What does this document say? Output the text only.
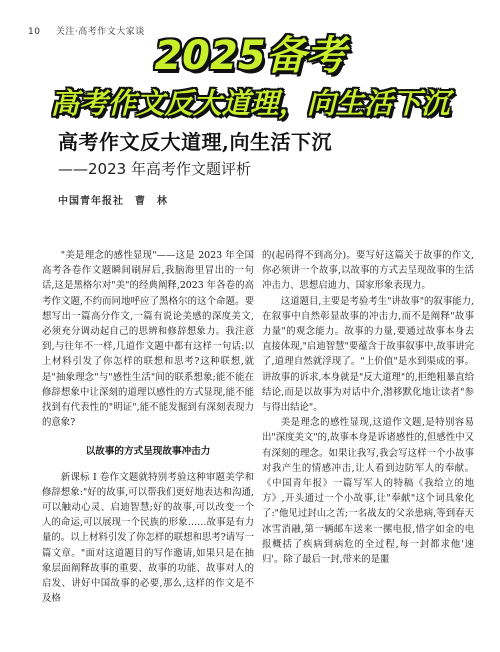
10 关注·高考作文大家谈
2025备考
高考作文反大道理，向生活下沉
高考作文反大道理,向生活下沉
——2023 年高考作文题评析
中国青年报社　曹　林

"美是理念的感性显现"——这是 2023 年全国高考各卷作文题瞬间刷屏后,我脑海里冒出的一句话,这是黑格尔对"美"的经典阐释,2023 年各卷的高考作文题,不约而同地呼应了黑格尔的这个命题。要想写出一篇高分作文,一篇有说论美感的深度美文,必须充分调动起自己的思辨和修辞想象力。我注意到,与往年不一样,几道作文题中都有这样一句话:以上材料引发了你怎样的联想和思考?这种联想,就是"抽象理念"与"感性生活"间的联系想象;能不能在修辞想象中让深刻的道理以感性的方式显现,能不能找到有代表性的"明证",能不能发掘到有深刻表现力的意象?

以故事的方式呈现故事冲击力

新课标 I 卷作文题就特别考验这种审题美学和修辞想象:"好的故事,可以帮我们更好地表达和沟通,可以触动心灵、启迪智慧;好的故事,可以改变一个人的命运,可以展现一个民族的形象……故事是有力量的。以上材料引发了你怎样的联想和思考?请写一篇文章。"面对这道题目的写作邀请,如果只是在抽象层面阐释故事的重要、故事的功能、故事对人的启发、讲好中国故事的必要,那么,这样的作文是不及格

的(起码得不到高分)。要写好这篇关于故事的作文,你必须讲一个故事,以故事的方式去呈现故事的生活冲击力、思想启迪力、国家形象表现力。

这道题目,主要是考验考生"讲故事"的叙事能力,在叙事中自然彰显故事的冲击力,而不是阐释"故事力量"的观念能力。故事的力量,要通过故事本身去直接体现,"启迪智慧"要蕴含于故事叙事中,故事讲完了,道理自然就浮现了。"上价值"是水到渠成的事。讲故事的诉求,本身就是"反大道理"的,拒绝粗暴直给结论,而是以故事为对话中介,潜移默化地让读者"参与得出结论"。

美是理念的感性显现,这道作文题,是特别容易出"深度美文"的,故事本身是诉诸感性的,但感性中又有深刻的理念。如果让我写,我会写这样一个小故事对我产生的情感冲击,让人看到边防军人的奉献。《中国青年报》一篇写军人的特稿《我给立的地方》,开头通过一个小故事,让"奉献"这个词具象化了:"他见过封山之苦;一名战友的父亲患病,等到春天冰雪消融,第一辆邮车送来一摞电报,惜字如金的电报概括了疾病到病危的全过程,每一封都求他'速归'。除了最后一封,带来的是噩
